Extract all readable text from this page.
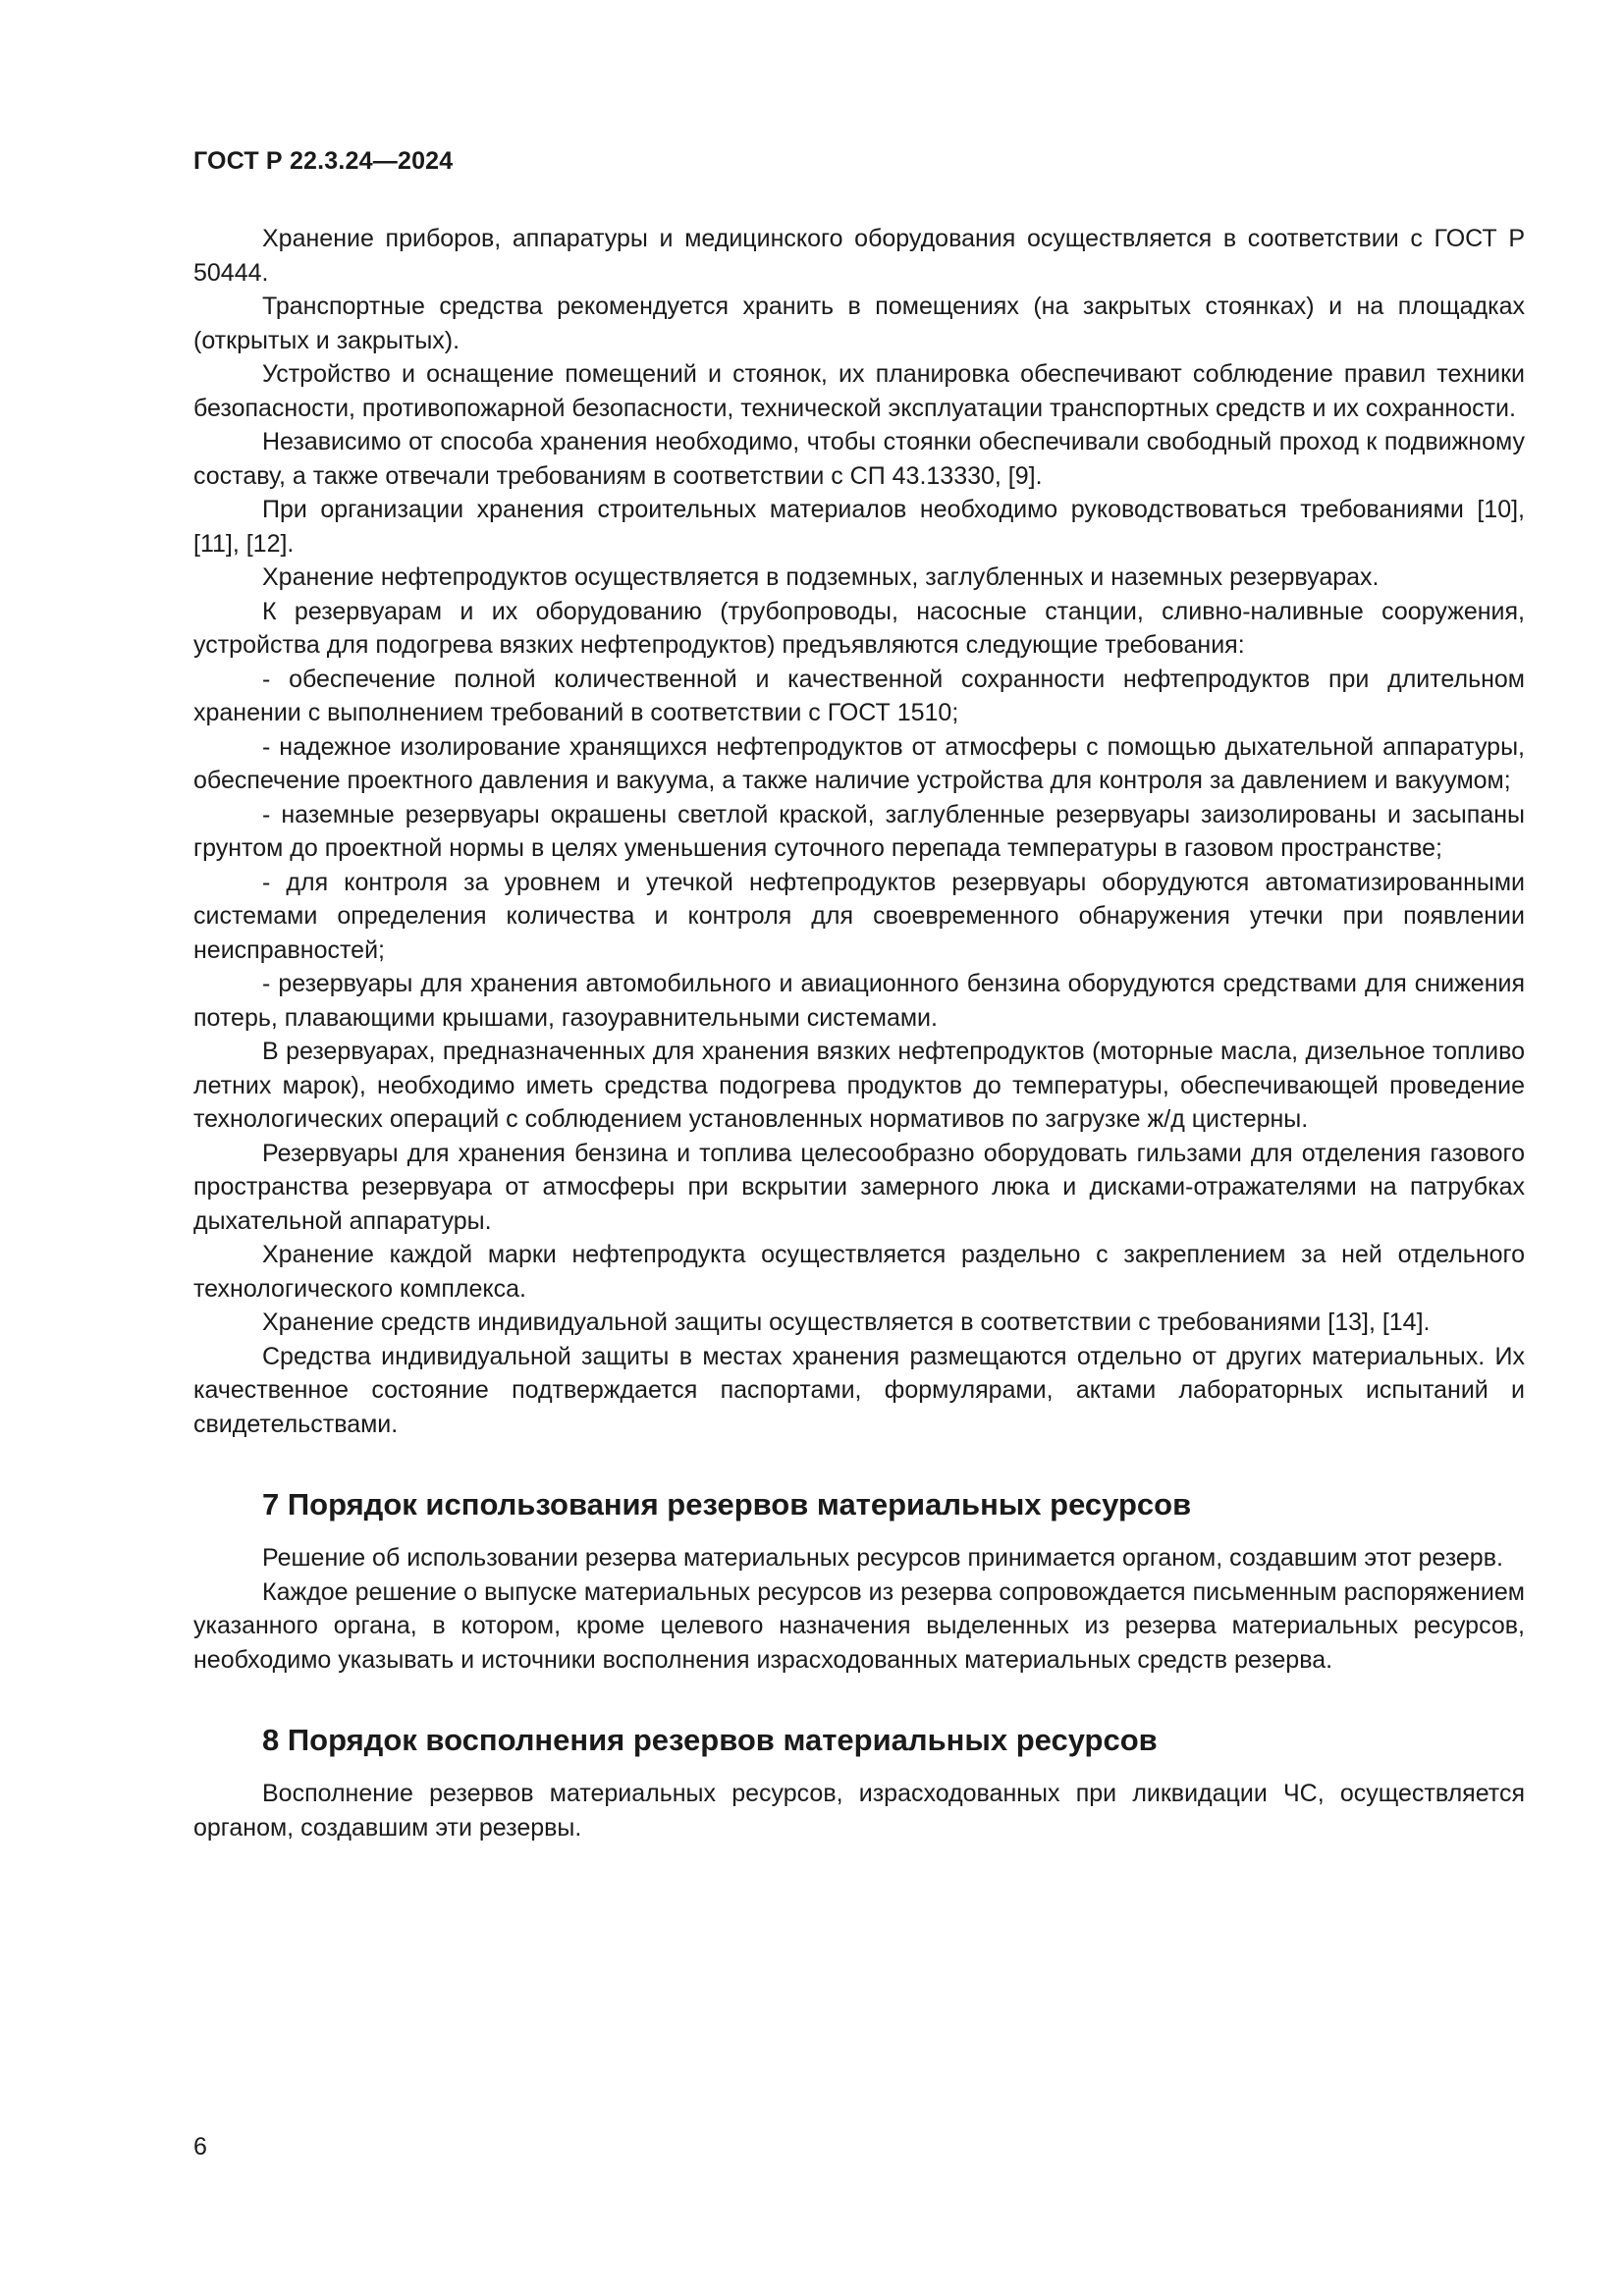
ГОСТ Р 22.3.24—2024

Хранение приборов, аппаратуры и медицинского оборудования осуществляется в соответствии с ГОСТ Р 50444.

Транспортные средства рекомендуется хранить в помещениях (на закрытых стоянках) и на площадках (открытых и закрытых).

Устройство и оснащение помещений и стоянок, их планировка обеспечивают соблюдение правил техники безопасности, противопожарной безопасности, технической эксплуатации транспортных средств и их сохранности.

Независимо от способа хранения необходимо, чтобы стоянки обеспечивали свободный проход к подвижному составу, а также отвечали требованиям в соответствии с СП 43.13330, [9].

При организации хранения строительных материалов необходимо руководствоваться требованиями [10], [11], [12].

Хранение нефтепродуктов осуществляется в подземных, заглубленных и наземных резервуарах.

К резервуарам и их оборудованию (трубопроводы, насосные станции, сливно-наливные сооружения, устройства для подогрева вязких нефтепродуктов) предъявляются следующие требования:

- обеспечение полной количественной и качественной сохранности нефтепродуктов при длительном хранении с выполнением требований в соответствии с ГОСТ 1510;

- надежное изолирование хранящихся нефтепродуктов от атмосферы с помощью дыхательной аппаратуры, обеспечение проектного давления и вакуума, а также наличие устройства для контроля за давлением и вакуумом;

- наземные резервуары окрашены светлой краской, заглубленные резервуары заизолированы и засыпаны грунтом до проектной нормы в целях уменьшения суточного перепада температуры в газовом пространстве;

- для контроля за уровнем и утечкой нефтепродуктов резервуары оборудуются автоматизированными системами определения количества и контроля для своевременного обнаружения утечки при появлении неисправностей;

- резервуары для хранения автомобильного и авиационного бензина оборудуются средствами для снижения потерь, плавающими крышами, газоуравнительными системами.

В резервуарах, предназначенных для хранения вязких нефтепродуктов (моторные масла, дизельное топливо летних марок), необходимо иметь средства подогрева продуктов до температуры, обеспечивающей проведение технологических операций с соблюдением установленных нормативов по загрузке ж/д цистерны.

Резервуары для хранения бензина и топлива целесообразно оборудовать гильзами для отделения газового пространства резервуара от атмосферы при вскрытии замерного люка и дисками-отражателями на патрубках дыхательной аппаратуры.

Хранение каждой марки нефтепродукта осуществляется раздельно с закреплением за ней отдельного технологического комплекса.

Хранение средств индивидуальной защиты осуществляется в соответствии с требованиями [13], [14].

Средства индивидуальной защиты в местах хранения размещаются отдельно от других материальных. Их качественное состояние подтверждается паспортами, формулярами, актами лабораторных испытаний и свидетельствами.

7 Порядок использования резервов материальных ресурсов

Решение об использовании резерва материальных ресурсов принимается органом, создавшим этот резерв.

Каждое решение о выпуске материальных ресурсов из резерва сопровождается письменным распоряжением указанного органа, в котором, кроме целевого назначения выделенных из резерва материальных ресурсов, необходимо указывать и источники восполнения израсходованных материальных средств резерва.

8 Порядок восполнения резервов материальных ресурсов

Восполнение резервов материальных ресурсов, израсходованных при ликвидации ЧС, осуществляется органом, создавшим эти резервы.

6
